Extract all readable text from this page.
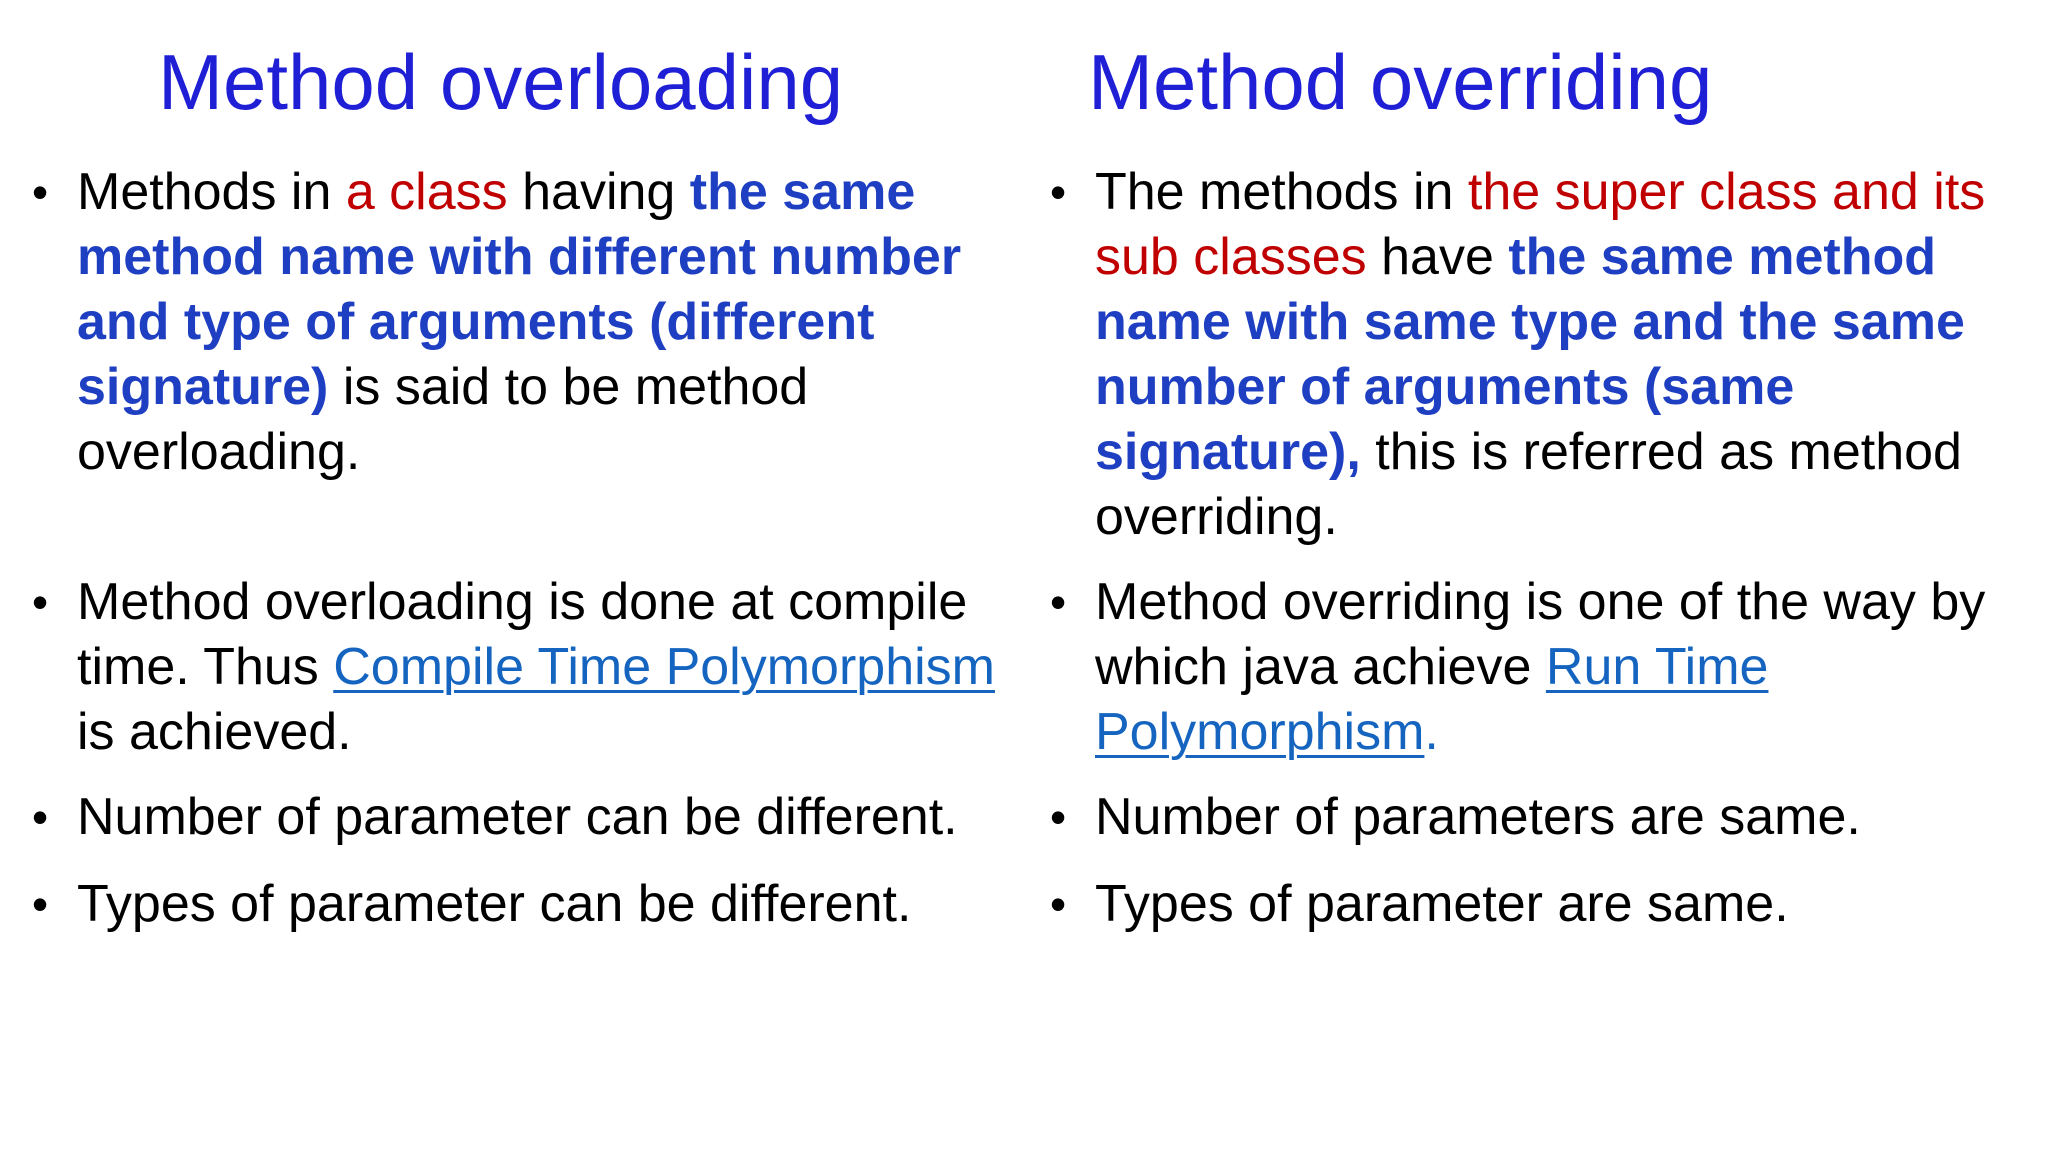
Method overloading
• Methods in a class having the same method name with different number and type of arguments (different signature) is said to be method overloading.
• Method overloading is done at compile time. Thus Compile Time Polymorphism is achieved.
• Number of parameter can be different.
• Types of parameter can be different.
Method overriding
• The methods in the super class and its sub classes have the same method name with same type and the same number of arguments (same signature), this is referred as method overriding.
• Method overriding is one of the way by which java achieve Run Time Polymorphism.
• Number of parameters are same.
• Types of parameter are same.
